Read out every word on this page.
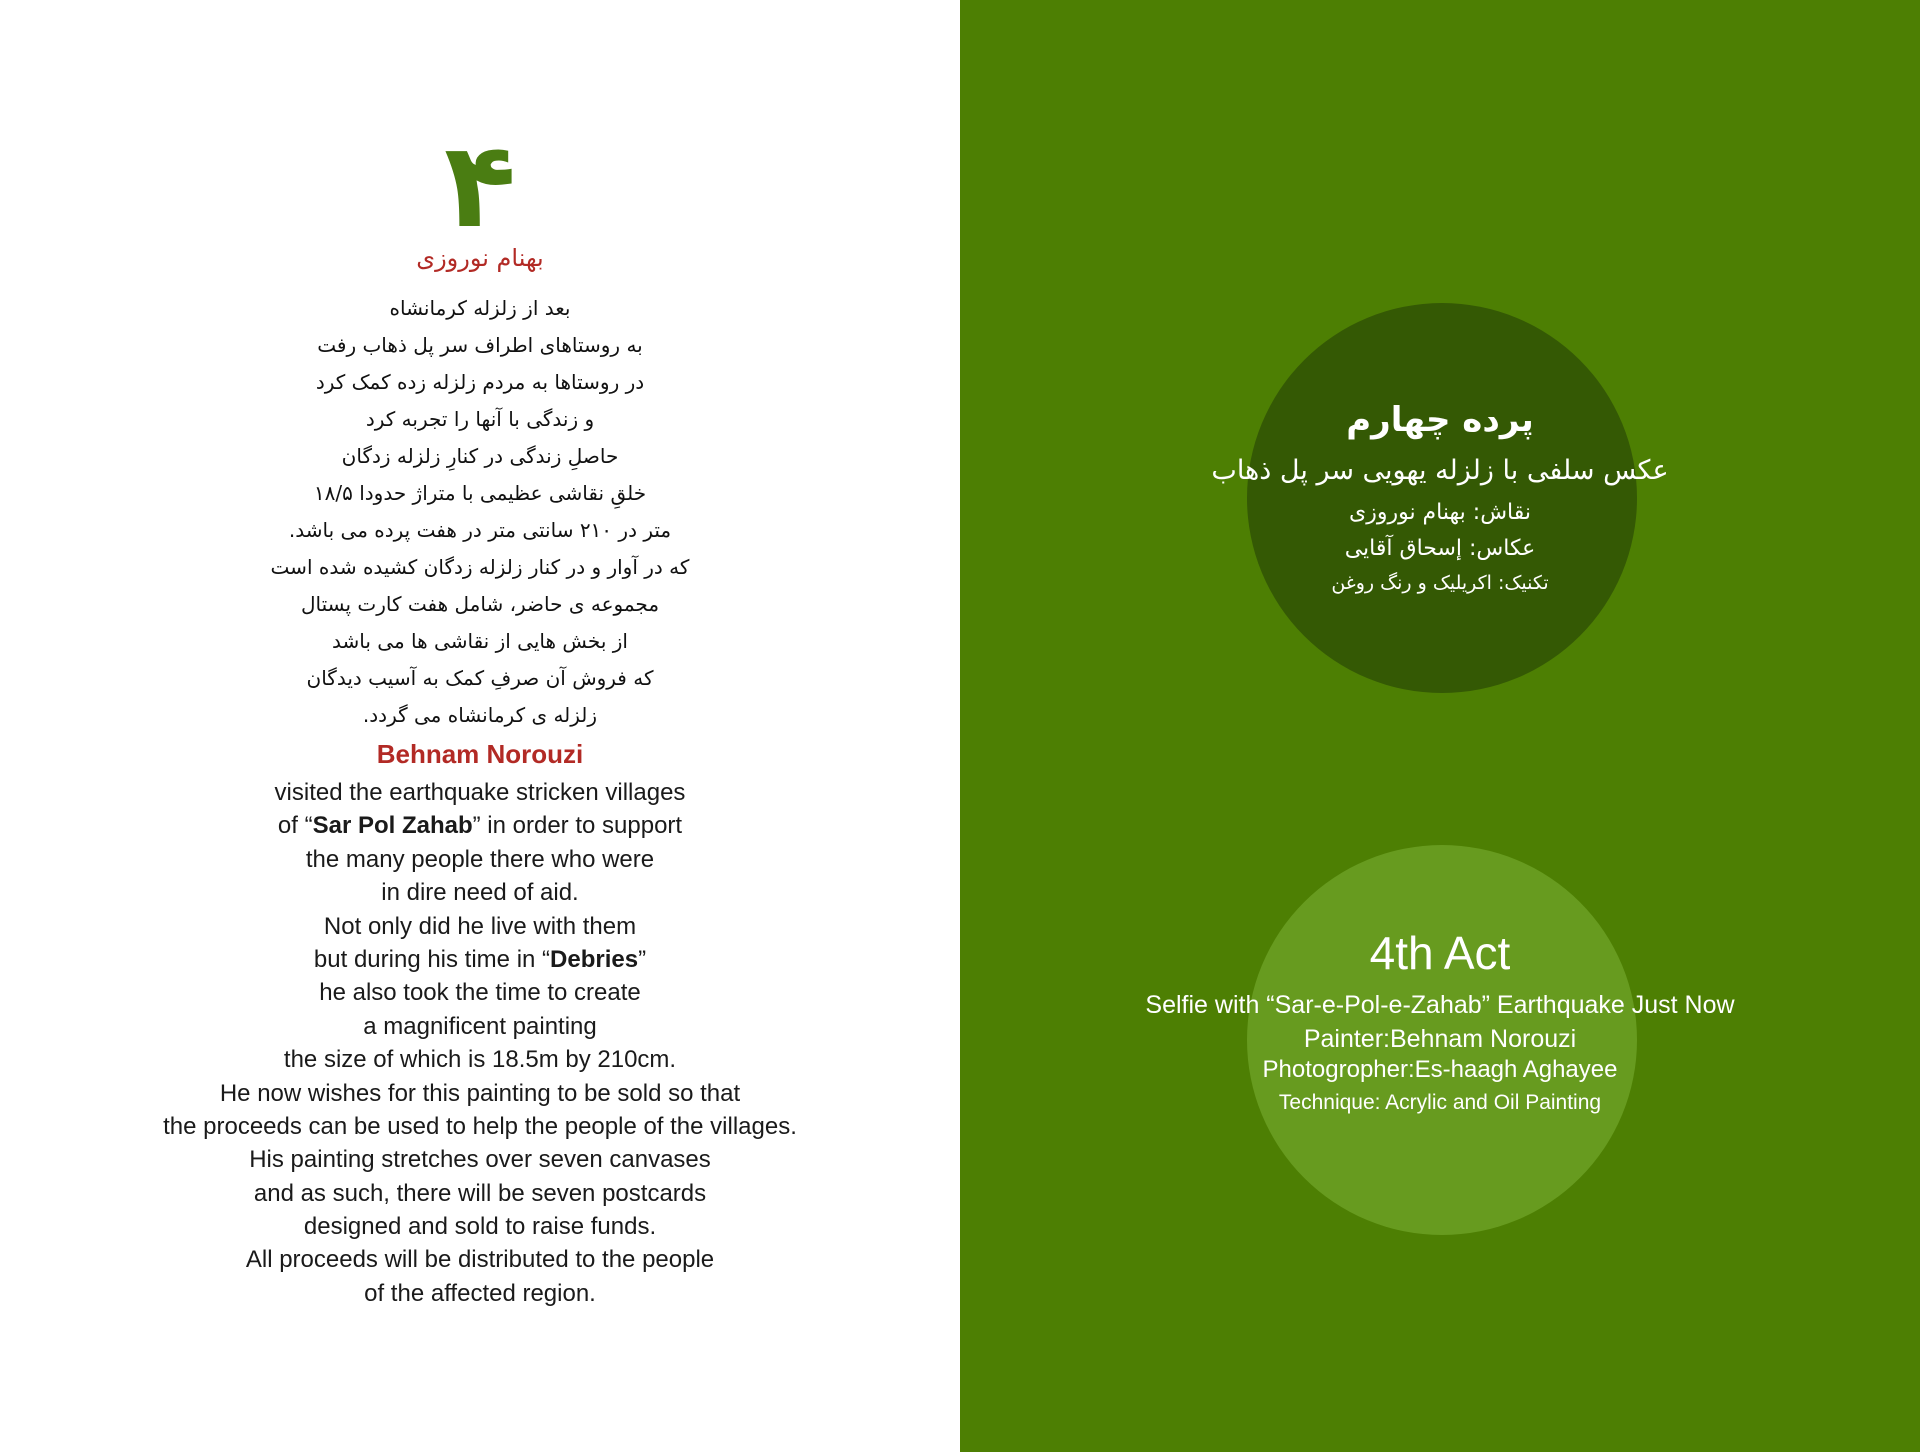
۴
بهنام نوروزی
بعد از زلزله کرمانشاه
به روستاهای اطراف سر پل ذهاب رفت
در روستاها به مردم زلزله زده کمک کرد
و زندگی با آنها را تجربه کرد
حاصلِ زندگی در کنارِ زلزله زدگان
خلقِ نقاشی عظیمی با متراژ حدودا ۱۸/۵
متر در ۲۱۰ سانتی متر در هفت پرده می باشد.
که در آوار و در کنار زلزله زدگان کشیده شده است
مجموعه ی حاضر، شامل هفت کارت پستال
از بخش هایی از نقاشی ها می باشد
که فروش آن صرفِ کمک به آسیب دیدگان
زلزله ی کرمانشاه می گردد.
Behnam Norouzi
visited the earthquake stricken villages
of “Sar Pol Zahab” in order to support
the many people there who were
in dire need of aid.
Not only did he live with them
but during his time in “Debries”
he also took the time to create
a magnificent painting
the size of which is 18.5m by 210cm.
He now wishes for this painting to be sold so that
the proceeds can be used to help the people of the villages.
His painting stretches over seven canvases
and as such, there will be seven postcards
designed and sold to raise funds.
All proceeds will be distributed to the people
of the affected region.
پرده چهارم
عکس سلفی با زلزله یهویی سر پل ذهاب
نقاش: بهنام نوروزی
عکاس: إسحاق آقایی
تکنیک: اکریلیک و رنگ روغن
4th Act
Selfie with “Sar-e-Pol-e-Zahab” Earthquake Just Now
Painter:Behnam Norouzi
Photogropher:Es-haagh Aghayee
Technique: Acrylic and Oil Painting
